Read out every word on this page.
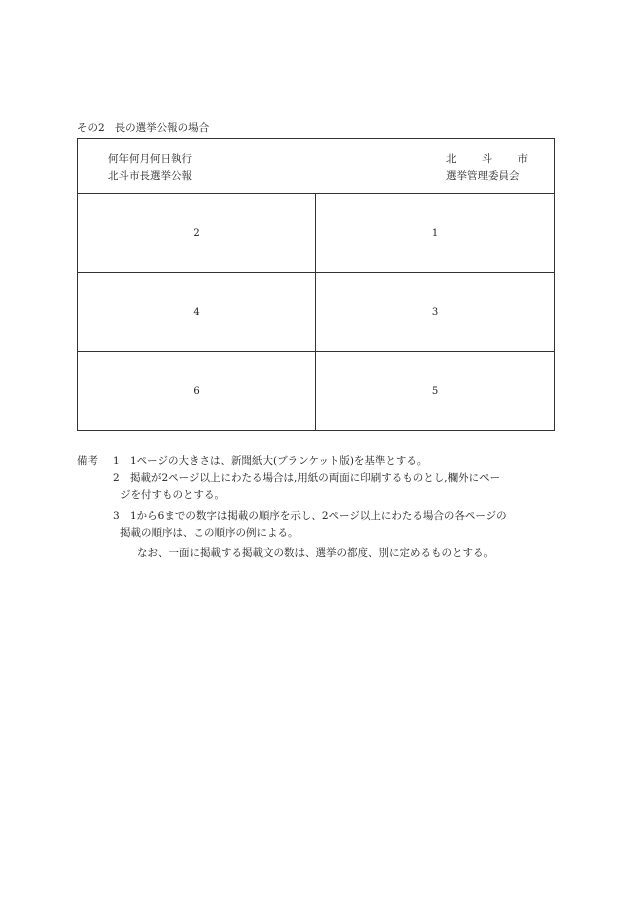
その2 長の選挙公報の場合
何年何月何日執行
北斗市長選挙公報
北 斗 市
選挙管理委員会
2	1
4	3
6	5
備考 1 1ページの大きさは、新聞紙大(ブランケット版)を基準とする。
2 掲載が2ページ以上にわたる場合は,用紙の両面に印刷するものとし,欄外にペー
ジを付すものとする。
3 1から6までの数字は掲載の順序を示し、2ページ以上にわたる場合の各ページの
掲載の順序は、この順序の例による。
なお、一面に掲載する掲載文の数は、選挙の都度、別に定めるものとする。
